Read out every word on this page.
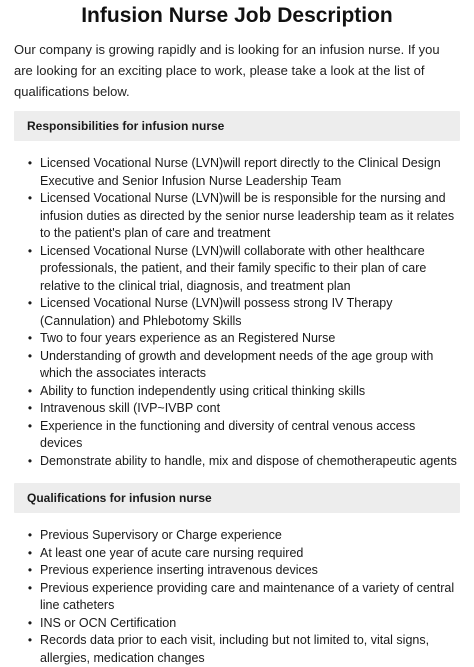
Infusion Nurse Job Description

Our company is growing rapidly and is looking for an infusion nurse. If you are looking for an exciting place to work, please take a look at the list of qualifications below.

Responsibilities for infusion nurse
• Licensed Vocational Nurse (LVN)will report directly to the Clinical Design Executive and Senior Infusion Nurse Leadership Team
• Licensed Vocational Nurse (LVN)will be is responsible for the nursing and infusion duties as directed by the senior nurse leadership team as it relates to the patient's plan of care and treatment
• Licensed Vocational Nurse (LVN)will collaborate with other healthcare professionals, the patient, and their family specific to their plan of care relative to the clinical trial, diagnosis, and treatment plan
• Licensed Vocational Nurse (LVN)will possess strong IV Therapy (Cannulation) and Phlebotomy Skills
• Two to four years experience as an Registered Nurse
• Understanding of growth and development needs of the age group with which the associates interacts
• Ability to function independently using critical thinking skills
• Intravenous skill (IVP~IVBP cont
• Experience in the functioning and diversity of central venous access devices
• Demonstrate ability to handle, mix and dispose of chemotherapeutic agents
Qualifications for infusion nurse
• Previous Supervisory or Charge experience
• At least one year of acute care nursing required
• Previous experience inserting intravenous devices
• Previous experience providing care and maintenance of a variety of central line catheters
• INS or OCN Certification
• Records data prior to each visit, including but not limited to, vital signs, allergies, medication changes
